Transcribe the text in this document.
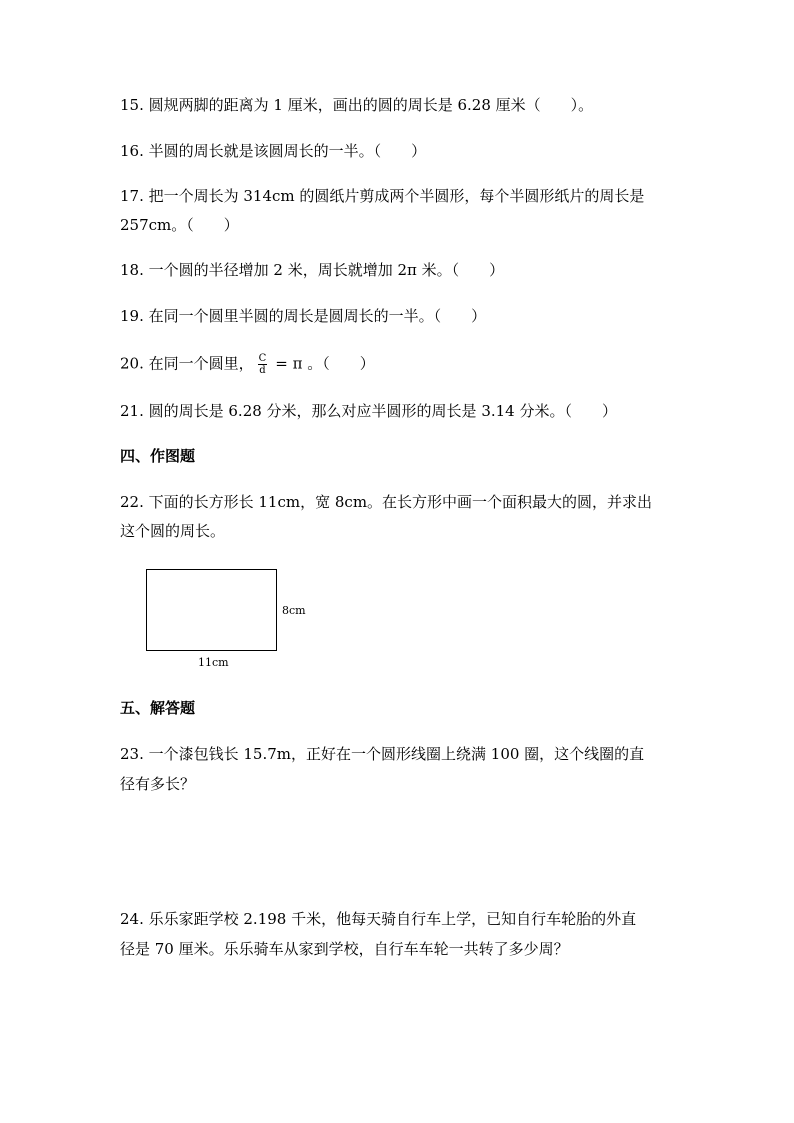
15. 圆规两脚的距离为 1 厘米，画出的圆的周长是 6.28 厘米（　　）。
16. 半圆的周长就是该圆周长的一半。（　　）
17. 把一个周长为 314cm 的圆纸片剪成两个半圆形，每个半圆形纸片的周长是
257cm。（　　）
18. 一个圆的半径增加 2 米，周长就增加 2π 米。（　　）
19. 在同一个圆里半圆的周长是圆周长的一半。（　　）
20. 在同一个圆里， $\frac{C}{d} = \pi$ 。（　　）
21. 圆的周长是 6.28 分米，那么对应半圆形的周长是 3.14 分米。（　　）
四、作图题
22. 下面的长方形长 11cm，宽 8cm。在长方形中画一个面积最大的圆，并求出
这个圆的周长。
8cm
11cm
五、解答题
23. 一个漆包钱长 15.7m，正好在一个圆形线圈上绕满 100 圈，这个线圈的直
径有多长？
24. 乐乐家距学校 2.198 千米，他每天骑自行车上学，已知自行车轮胎的外直
径是 70 厘米。乐乐骑车从家到学校，自行车车轮一共转了多少周？
